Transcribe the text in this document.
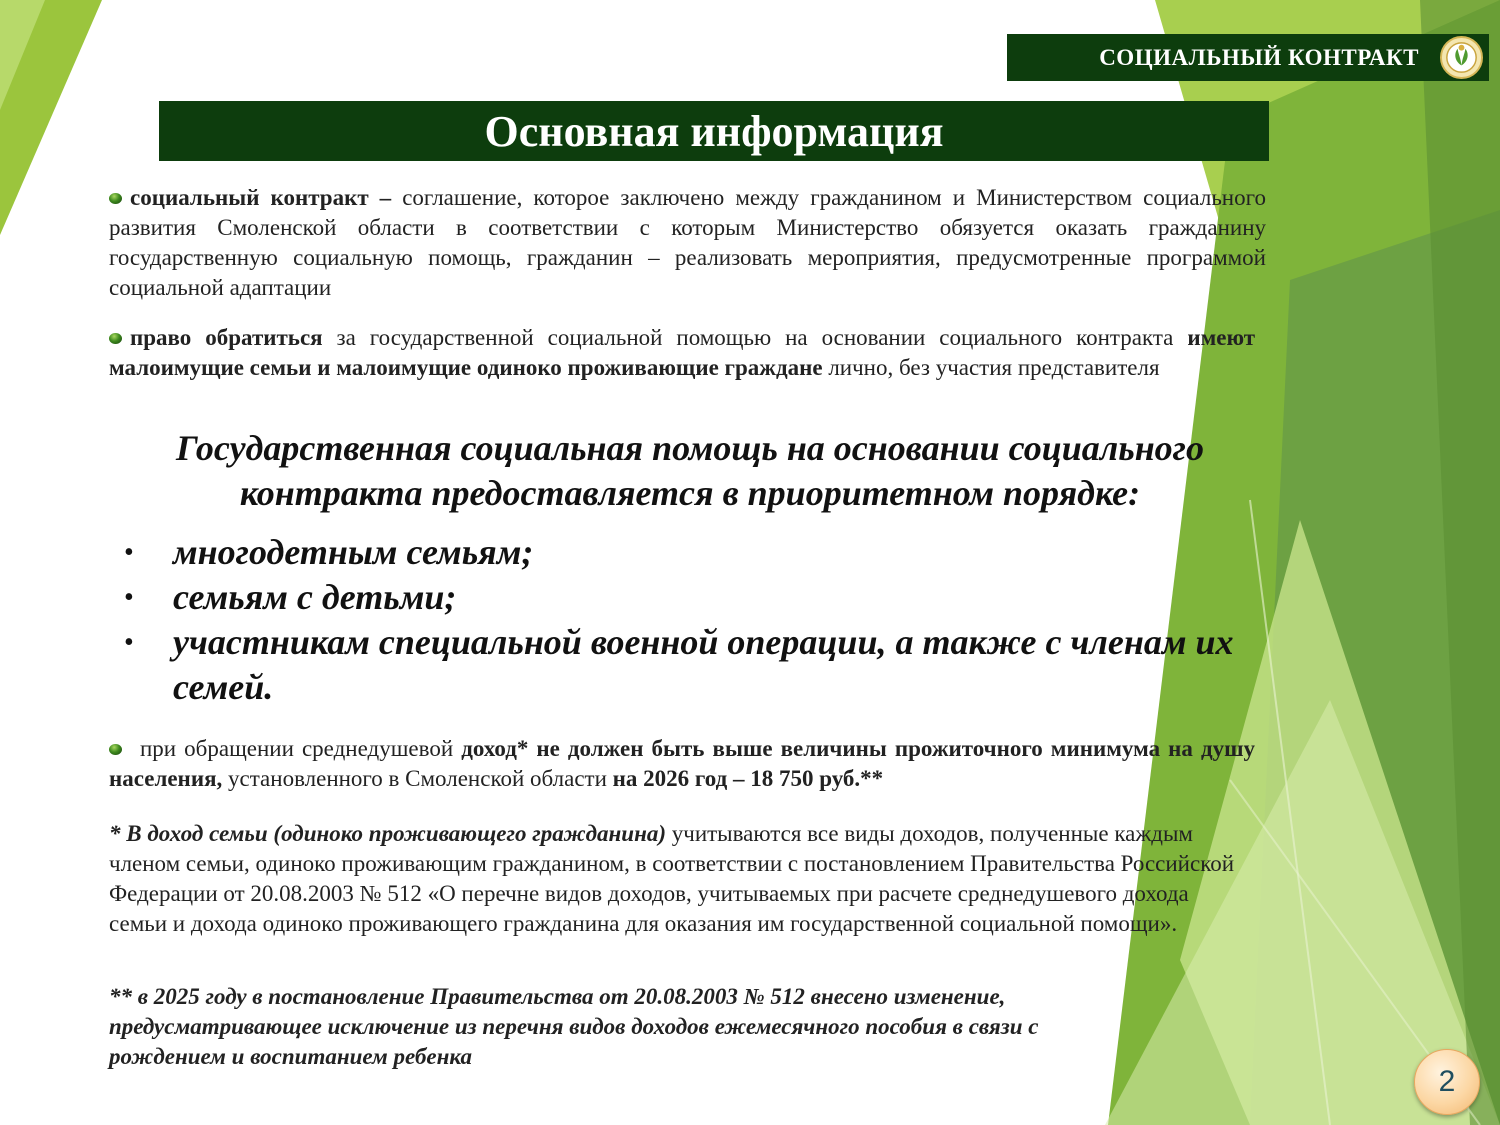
СОЦИАЛЬНЫЙ КОНТРАКТ
Основная информация
социальный контракт – соглашение, которое заключено между гражданином и Министерством социального развития Смоленской области в соответствии с которым Министерство обязуется оказать гражданину государственную социальную помощь, гражданин – реализовать мероприятия, предусмотренные программой социальной адаптации
право обратиться за государственной социальной помощью на основании социального контракта имеют малоимущие семьи и малоимущие одиноко проживающие граждане лично, без участия представителя
Государственная социальная помощь на основании социального контракта предоставляется в приоритетном порядке:
• многодетным семьям;
• семьям с детьми;
• участникам специальной военной операции, а также с членам их семей.
при обращении среднедушевой доход* не должен быть выше величины прожиточного минимума на душу населения, установленного в Смоленской области на 2026 год – 18 750 руб.**
* В доход семьи (одиноко проживающего гражданина) учитываются все виды доходов, полученные каждым членом семьи, одиноко проживающим гражданином, в соответствии с постановлением Правительства Российской Федерации от 20.08.2003 № 512 «О перечне видов доходов, учитываемых при расчете среднедушевого дохода семьи и дохода одиноко проживающего гражданина для оказания им государственной социальной помощи».
** в 2025 году в постановление Правительства от 20.08.2003 № 512 внесено изменение, предусматривающее исключение из перечня видов доходов ежемесячного пособия в связи с рождением и воспитанием ребенка
2
